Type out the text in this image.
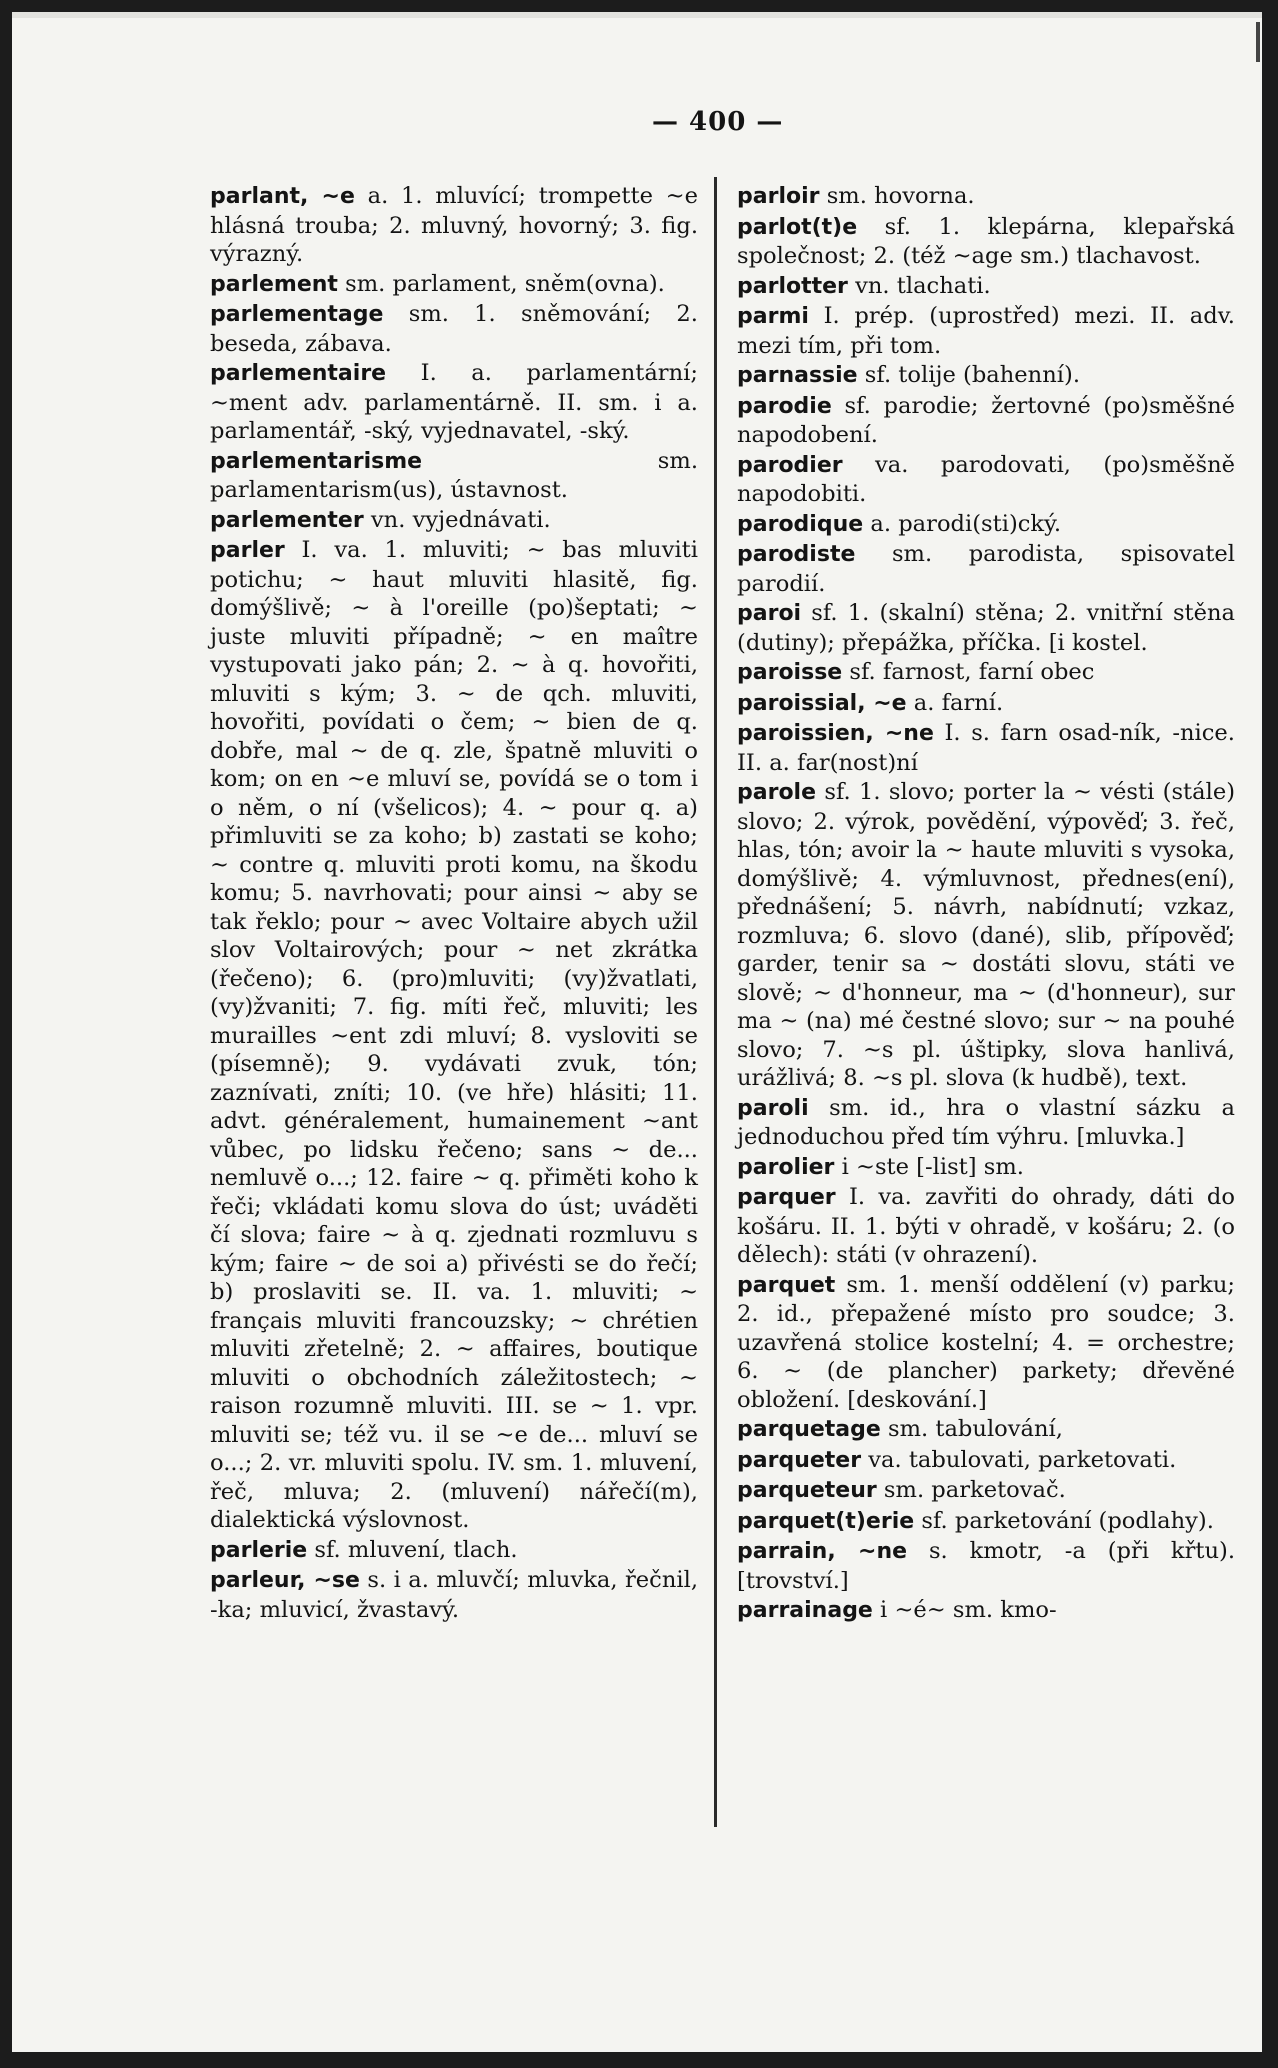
— 400 —

parlant, ~e a. 1. mluvící; trompette ~e hlásná trouba; 2. mluvný, hovorný; 3. fig. výrazný.

parlement sm. parlament, sněm(ovna).

parlementage sm. 1. sněmování; 2. beseda, zábava.

parlementaire I. a. parlamentární; ~ment adv. parlamentárně. II. sm. i a. parlamentář, -ský, vyjednavatel, -ský.

parlementarisme	sm. parlamentarism(us), ústavnost.

parlementer vn. vyjednávati.

parler I. va. 1. mluviti; ~ bas mluviti potichu; ~ haut mluviti hlasitě, fig. domýšlivě; ~ à l'oreille (po)šeptati; ~ juste mluviti případně; ~ en maître vystupovati jako pán; 2. ~ à q. hovořiti, mluviti s kým; 3. ~ de qch. mluviti, hovořiti, povídati o čem; ~ bien de q. dobře, mal ~ de q. zle, špatně mluviti o kom; on en ~e mluví se, povídá se o tom i o něm, o ní (všelicos); 4. ~ pour q. a) přimluviti se za koho; b) zastati se koho; ~ contre q. mluviti proti komu, na škodu komu; 5. navrhovati; pour ainsi ~ aby se tak řeklo; pour ~ avec Voltaire abych užil slov Voltairových; pour ~ net zkrátka (řečeno); 6. (pro)mluviti; (vy)žvatlati, (vy)žvaniti; 7. fig. míti řeč, mluviti; les murailles ~ent zdi mluví; 8. vysloviti se (písemně); 9. vydávati zvuk, tón; zaznívati, zníti; 10. (ve hře) hlásiti; 11. advt. généralement, humainement ~ant vůbec, po lidsku řečeno; sans ~ de... nemluvě o...; 12. faire ~ q. přiměti koho k řeči; vkládati komu slova do úst; uváděti čí slova; faire ~ à q. zjednati rozmluvu s kým; faire ~ de soi a) přivésti se do řečí; b) proslaviti se. II. va. 1. mluviti; ~ français mluviti francouzsky; ~ chrétien mluviti zřetelně; 2. ~ affaires, boutique mluviti o obchodních záležitostech; ~ raison rozumně mluviti. III. se ~ 1. vpr. mluviti se; též vu. il se ~e de... mluví se o...; 2. vr. mluviti spolu. IV. sm. 1. mluvení, řeč, mluva; 2. (mluvení) nářečí(m), dialektická výslovnost.

parlerie sf. mluvení, tlach.

parleur, ~se s. i a. mluvčí; mluvka, řečnil, -ka; mluvicí, žvastavý.

parloir sm. hovorna.

parlot(t)e sf. 1. klepárna, klepařská společnost; 2. (též ~age sm.) tlachavost.

parlotter vn. tlachati.

parmi I. prép. (uprostřed) mezi. II. adv. mezi tím, při tom.

parnassie sf. tolije (bahenní).

parodie sf. parodie; žertovné (po)směšné napodobení.

parodier va. parodovati, (po)směšně napodobiti.

parodique a. parodi(sti)cký.

parodiste sm. parodista, spisovatel parodií.

paroi sf. 1. (skalní) stěna; 2. vnitřní stěna (dutiny); přepážka, příčka. [i kostel.

paroisse sf. farnost, farní obec

paroissial, ~e a. farní.

paroissien, ~ne I. s. farn osad-ník, -nice. II. a. far(nost)ní

parole sf. 1. slovo; porter la ~ vésti (stále) slovo; 2. výrok, povědění, výpověď; 3. řeč, hlas, tón; avoir la ~ haute mluviti s vysoka, domýšlivě; 4. výmluvnost, přednes(ení), přednášení; 5. návrh, nabídnutí; vzkaz, rozmluva; 6. slovo (dané), slib, přípověď; garder, tenir sa ~ dostáti slovu, státi ve slově; ~ d'honneur, ma ~ (d'honneur), sur ma ~ (na) mé čestné slovo; sur ~ na pouhé slovo; 7. ~s pl. úštipky, slova hanlivá, urážlivá; 8. ~s pl. slova (k hudbě), text.

paroli sm. id., hra o vlastní sázku a jednoduchou před tím výhru. [mluvka.]

parolier i ~ste [-list] sm.

parquer I. va. zavřiti do ohrady, dáti do košáru. II. 1. býti v ohradě, v košáru; 2. (o dělech): státi (v ohrazení).

parquet sm. 1. menší oddělení (v) parku; 2. id., přepažené místo pro soudce; 3. uzavřená stolice kostelní; 4. = orchestre; 6. ~ (de plancher) parkety; dřevěné obložení. [deskování.]

parquetage sm. tabulování,

parqueter va. tabulovati, parketovati.

parqueteur sm. parketovač.

parquet(t)erie sf. parketování (podlahy).

parrain, ~ne s. kmotr, -a (při křtu). [trovství.]

parrainage i ~é~ sm. kmo-
